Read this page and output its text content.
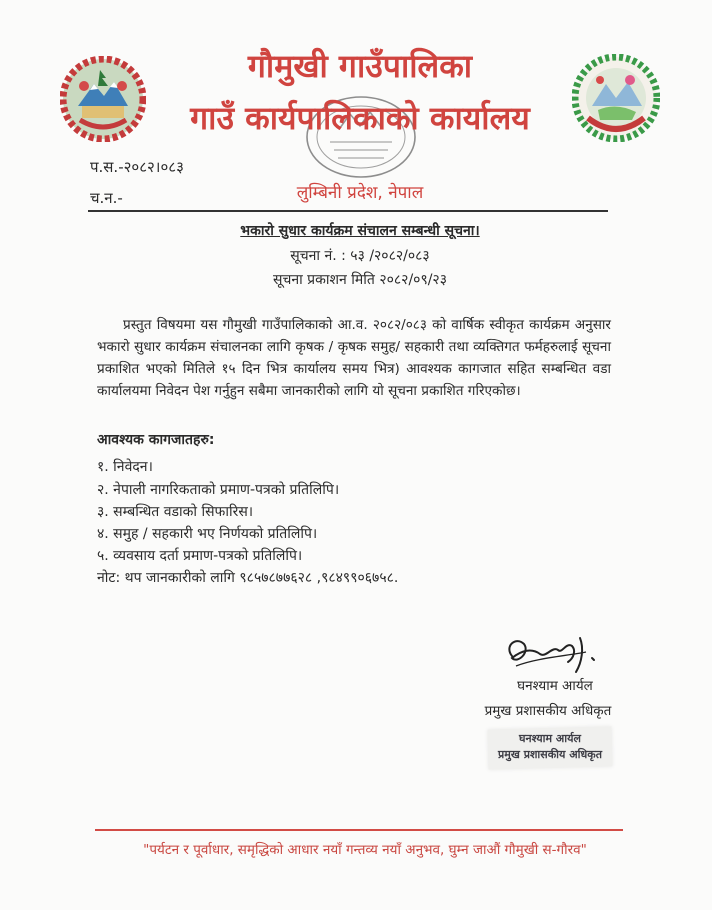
गौमुखी गाउँपालिका
गाउँ कार्यपालिकाको कार्यालय
प.स.-२०८२।०८३
लुम्बिनी प्रदेश, नेपाल
च.न.-
भकारो सुधार कार्यक्रम संचालन सम्बन्धी सूचना।
सूचना नं. : ५३ /२०८२/०८३
सूचना प्रकाशन मिति २०८२/०९/२३
प्रस्तुत विषयमा यस गौमुखी गाउँपालिकाको आ.व. २०८२/०८३ को वार्षिक स्वीकृत कार्यक्रम अनुसार भकारो सुधार कार्यक्रम संचालनका लागि कृषक / कृषक समुह/ सहकारी तथा व्यक्तिगत फर्महरुलाई सूचना प्रकाशित भएको मितिले १५ दिन भित्र कार्यालय समय भित्र) आवश्यक कागजात सहित सम्बन्धित वडा कार्यालयमा निवेदन पेश गर्नुहुन सबैमा जानकारीको लागि यो सूचना प्रकाशित गरिएकोछ।
आवश्यक कागजातहरु:
१. निवेदन।
२. नेपाली नागरिकताको प्रमाण-पत्रको प्रतिलिपि।
३. सम्बन्धित वडाको सिफारिस।
४. समुह / सहकारी भए निर्णयको प्रतिलिपि।
५. व्यवसाय दर्ता प्रमाण-पत्रको प्रतिलिपि।
नोट: थप जानकारीको लागि ९८५७८७७६२८ ,९८४९९०६७५८.
घनश्याम आर्यल
प्रमुख प्रशासकीय अधिकृत
घनश्याम आर्यल
प्रमुख प्रशासकीय अधिकृत
"पर्यटन र पूर्वाधार, समृद्धिको आधार नयाँ गन्तव्य नयाँ अनुभव, घुम्न जाऔं गौमुखी स-गौरव"
